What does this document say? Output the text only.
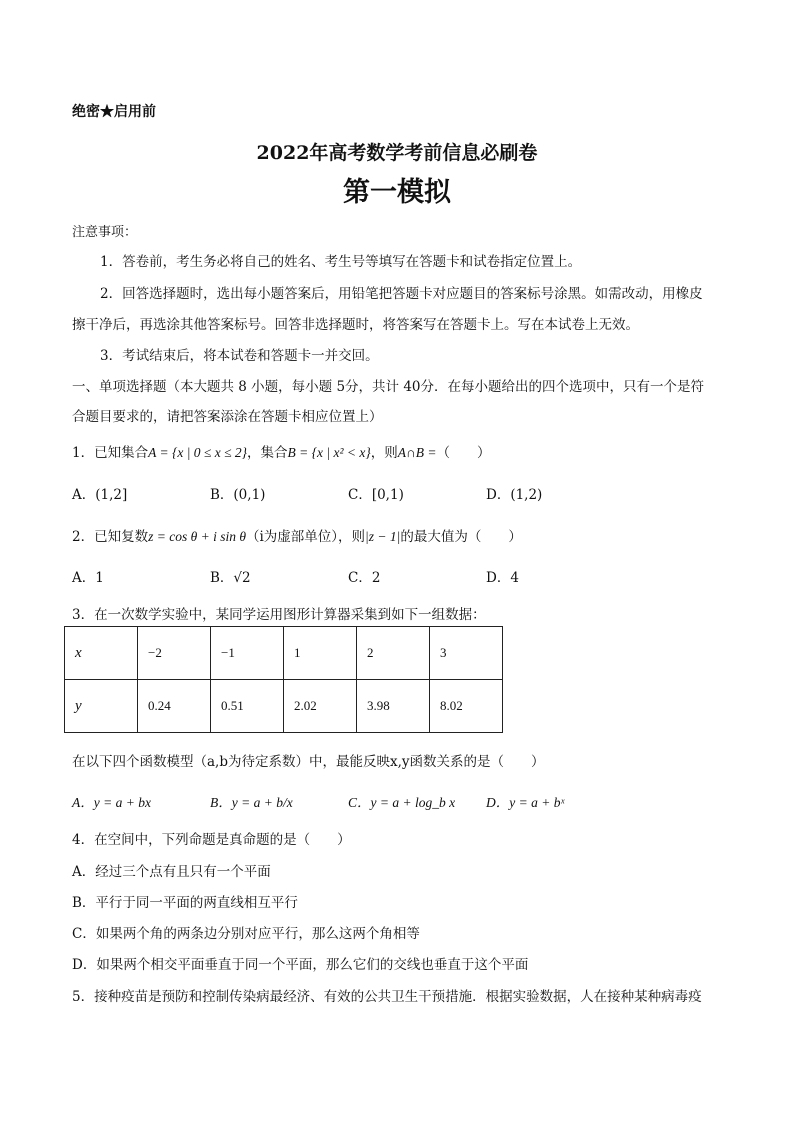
绝密★启用前
2022年高考数学考前信息必刷卷
第一模拟
注意事项：
1．答卷前，考生务必将自己的姓名、考生号等填写在答题卡和试卷指定位置上。
2．回答选择题时，选出每小题答案后，用铅笔把答题卡对应题目的答案标号涂黑。如需改动，用橡皮
擦干净后，再选涂其他答案标号。回答非选择题时，将答案写在答题卡上。写在本试卷上无效。
3．考试结束后，将本试卷和答题卡一并交回。
一、单项选择题（本大题共 8 小题，每小题 5分，共计 40分．在每小题给出的四个选项中，只有一个是符
合题目要求的，请把答案添涂在答题卡相应位置上）
1．已知集合A = {x | 0 ≤ x ≤ 2}，集合B = {x | x² < x}，则A∩B =（　　）
A．(1,2]	B．(0,1)	C．[0,1)	D．(1,2)
2．已知复数z = cos θ + i sin θ（i为虚部单位），则|z − 1|的最大值为（　　）
A．1	B．√2	C．2	D．4
3．在一次数学实验中，某同学运用图形计算器采集到如下一组数据：
x	−2	−1	1	2	3
y	0.24	0.51	2.02	3.98	8.02
在以下四个函数模型（a,b为待定系数）中，最能反映x,y函数关系的是（　　）
A．y = a + bx	B．y = a + b/x	C．y = a + log_b x D．y = a + bˣ
4．在空间中，下列命题是真命题的是（　　）
A．经过三个点有且只有一个平面
B．平行于同一平面的两直线相互平行
C．如果两个角的两条边分别对应平行，那么这两个角相等
D．如果两个相交平面垂直于同一个平面，那么它们的交线也垂直于这个平面
5．接种疫苗是预防和控制传染病最经济、有效的公共卫生干预措施．根据实验数据，人在接种某种病毒疫
